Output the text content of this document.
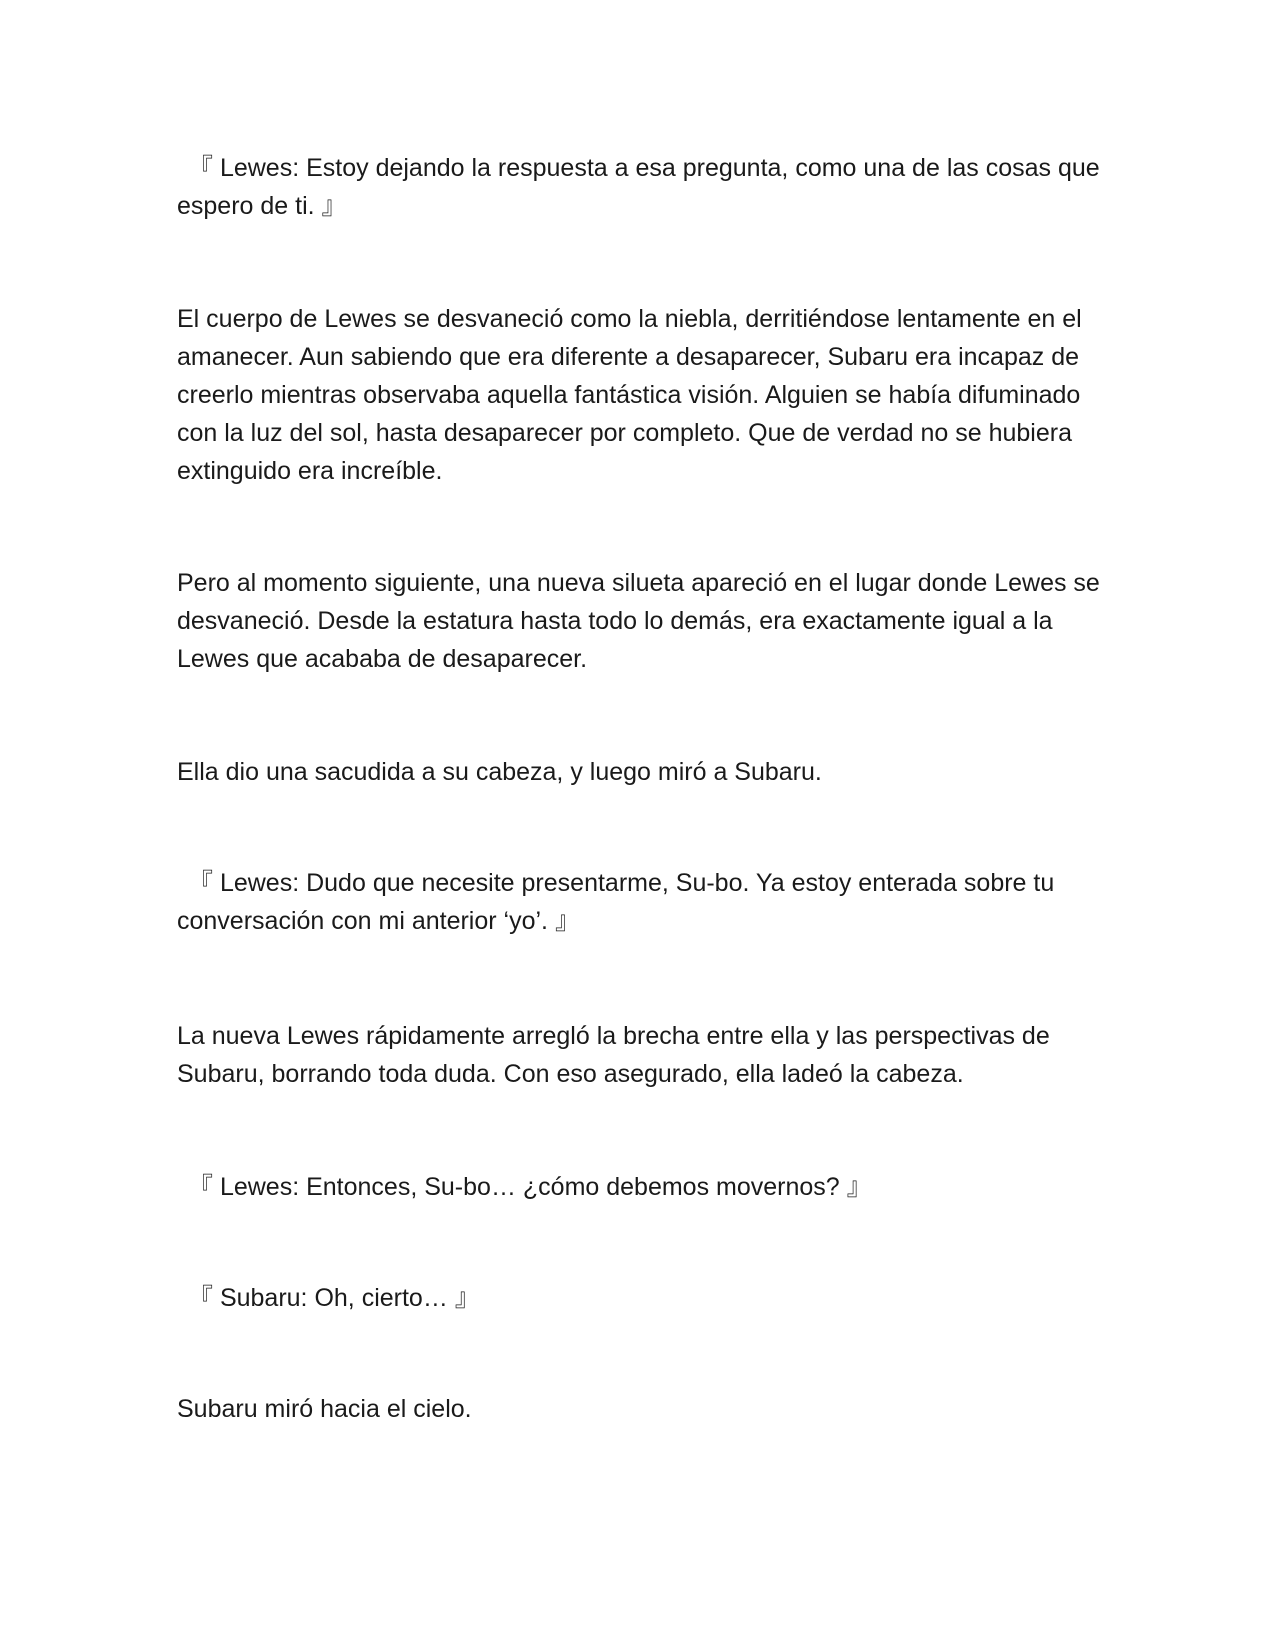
『 Lewes: Estoy dejando la respuesta a esa pregunta, como una de las cosas que espero de ti. 』

El cuerpo de Lewes se desvaneció como la niebla, derritiéndose lentamente en el amanecer. Aun sabiendo que era diferente a desaparecer, Subaru era incapaz de creerlo mientras observaba aquella fantástica visión. Alguien se había difuminado con la luz del sol, hasta desaparecer por completo. Que de verdad no se hubiera extinguido era increíble.

Pero al momento siguiente, una nueva silueta apareció en el lugar donde Lewes se desvaneció. Desde la estatura hasta todo lo demás, era exactamente igual a la Lewes que acababa de desaparecer.

Ella dio una sacudida a su cabeza, y luego miró a Subaru.

『 Lewes: Dudo que necesite presentarme, Su-bo. Ya estoy enterada sobre tu conversación con mi anterior ‘yo’. 』

La nueva Lewes rápidamente arregló la brecha entre ella y las perspectivas de Subaru, borrando toda duda. Con eso asegurado, ella ladeó la cabeza.

『 Lewes: Entonces, Su-bo… ¿cómo debemos movernos? 』

『 Subaru: Oh, cierto… 』

Subaru miró hacia el cielo.
